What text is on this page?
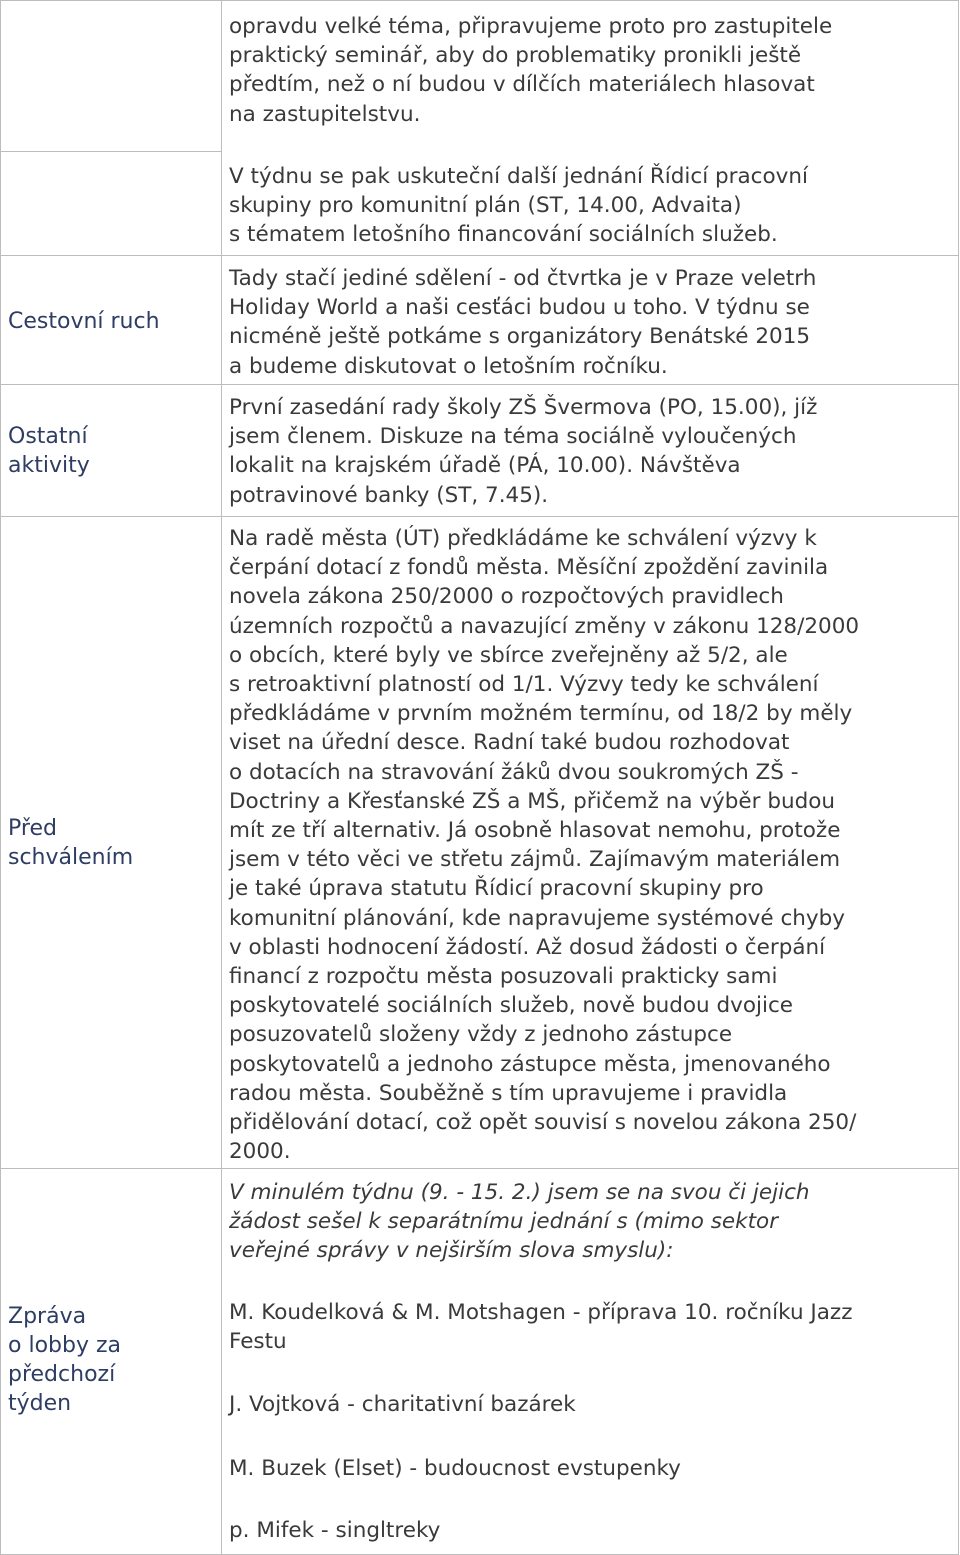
opravdu velké téma, připravujeme proto pro zastupitele
praktický seminář, aby do problematiky pronikli ještě
předtím, než o ní budou v dílčích materiálech hlasovat
na zastupitelstvu.
V týdnu se pak uskuteční další jednání Řídicí pracovní
skupiny pro komunitní plán (ST, 14.00, Advaita)
s tématem letošního financování sociálních služeb.
Cestovní ruch
Tady stačí jediné sdělení - od čtvrtka je v Praze veletrh
Holiday World a naši cesťáci budou u toho. V týdnu se
nicméně ještě potkáme s organizátory Benátské 2015
a budeme diskutovat o letošním ročníku.
Ostatní
aktivity
První zasedání rady školy ZŠ Švermova (PO, 15.00), jíž
jsem členem. Diskuze na téma sociálně vyloučených
lokalit na krajském úřadě (PÁ, 10.00). Návštěva
potravinové banky (ST, 7.45).
Před
schválením
Na radě města (ÚT) předkládáme ke schválení výzvy k
čerpání dotací z fondů města. Měsíční zpoždění zavinila
novela zákona 250/2000 o rozpočtových pravidlech
územních rozpočtů a navazující změny v zákonu 128/2000
o obcích, které byly ve sbírce zveřejněny až 5/2, ale
s retroaktivní platností od 1/1. Výzvy tedy ke schválení
předkládáme v prvním možném termínu, od 18/2 by měly
viset na úřední desce. Radní také budou rozhodovat
o dotacích na stravování žáků dvou soukromých ZŠ -
Doctriny a Křesťanské ZŠ a MŠ, přičemž na výběr budou
mít ze tří alternativ. Já osobně hlasovat nemohu, protože
jsem v této věci ve střetu zájmů. Zajímavým materiálem
je také úprava statutu Řídicí pracovní skupiny pro
komunitní plánování, kde napravujeme systémové chyby
v oblasti hodnocení žádostí. Až dosud žádosti o čerpání
financí z rozpočtu města posuzovali prakticky sami
poskytovatelé sociálních služeb, nově budou dvojice
posuzovatelů složeny vždy z jednoho zástupce
poskytovatelů a jednoho zástupce města, jmenovaného
radou města. Souběžně s tím upravujeme i pravidla
přidělování dotací, což opět souvisí s novelou zákona 250/
2000.
Zpráva
o lobby za
předchozí
týden
V minulém týdnu (9. - 15. 2.) jsem se na svou či jejich
žádost sešel k separátnímu jednání s (mimo sektor
veřejné správy v nejširším slova smyslu):
M. Koudelková & M. Motshagen - příprava 10. ročníku Jazz
Festu
J. Vojtková - charitativní bazárek
M. Buzek (Elset) - budoucnost evstupenky
p. Mifek - singltreky
